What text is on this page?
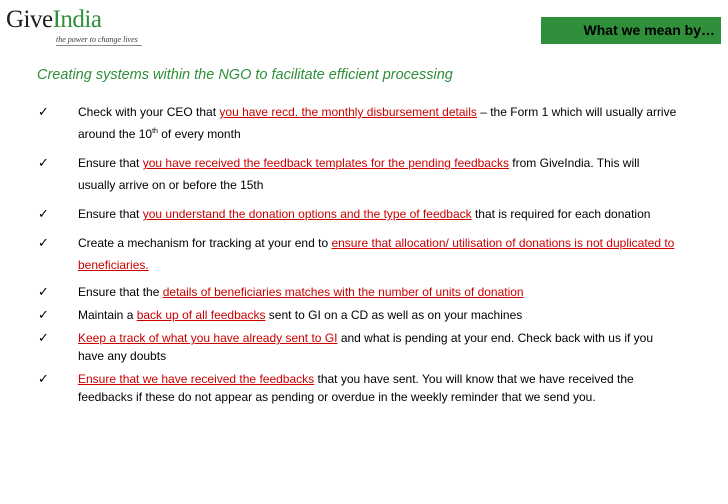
GiveIndia
the power to change lives
What we mean by…
Creating systems within the NGO to facilitate efficient processing
✓	Check with your CEO that you have recd. the monthly disbursement details – the Form 1 which will usually arrive around the 10th of every month
✓	Ensure that you have received the feedback templates for the pending feedbacks from GiveIndia. This will usually arrive on or before the 15th
✓	Ensure that you understand the donation options and the type of feedback that is required for each donation
✓	Create a mechanism for tracking at your end to ensure that allocation/ utilisation of donations is not duplicated to beneficiaries.
✓	Ensure that the details of beneficiaries matches with the number of units of donation
✓	Maintain a back up of all feedbacks sent to GI on a CD as well as on your machines
✓	Keep a track of what you have already sent to GI and what is pending at your end. Check back with us if you have any doubts
✓	Ensure that we have received the feedbacks that you have sent. You will know that we have received the feedbacks if these do not appear as pending or overdue in the weekly reminder that we send you.
